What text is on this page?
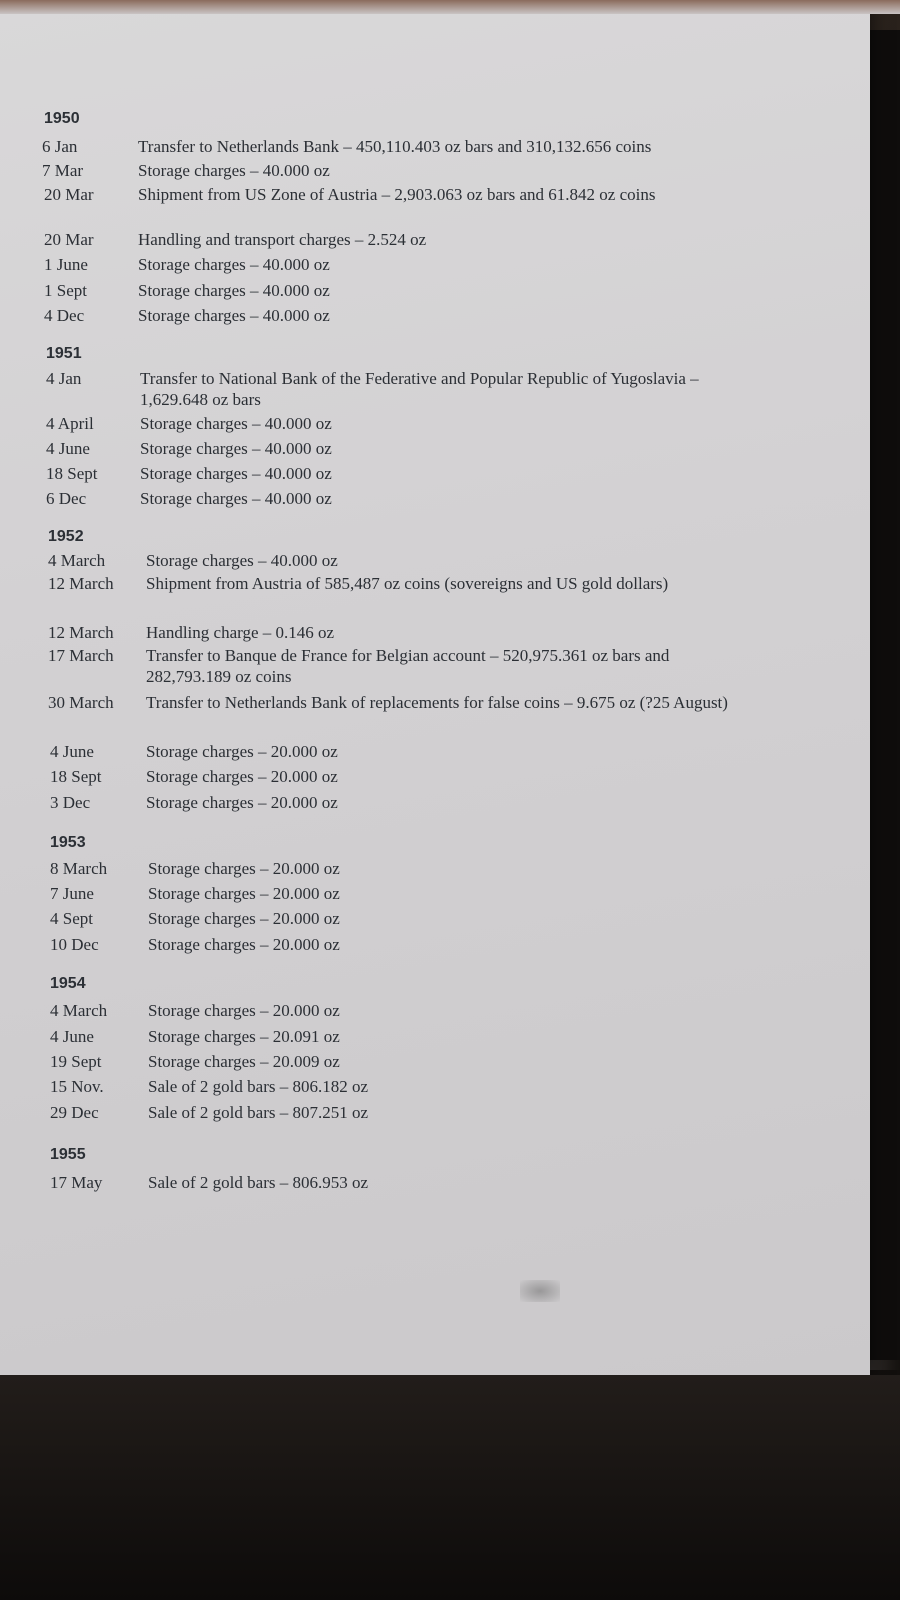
1950
6 Jan	Transfer to Netherlands Bank – 450,110.403 oz bars and 310,132.656 coins
7 Mar	Storage charges – 40.000 oz
20 Mar	Shipment from US Zone of Austria – 2,903.063 oz bars and 61.842 oz coins
20 Mar	Handling and transport charges – 2.524 oz
1 June	Storage charges – 40.000 oz
1 Sept	Storage charges – 40.000 oz
4 Dec	Storage charges – 40.000 oz
1951
4 Jan	Transfer to National Bank of the Federative and Popular Republic of Yugoslavia – 1,629.648 oz bars
4 April	Storage charges – 40.000 oz
4 June	Storage charges – 40.000 oz
18 Sept	Storage charges – 40.000 oz
6 Dec	Storage charges – 40.000 oz
1952
4 March	Storage charges – 40.000 oz
12 March	Shipment from Austria of 585,487 oz coins (sovereigns and US gold dollars)
12 March	Handling charge – 0.146 oz
17 March	Transfer to Banque de France for Belgian account – 520,975.361 oz bars and 282,793.189 oz coins
30 March	Transfer to Netherlands Bank of replacements for false coins – 9.675 oz (?25 August)
4 June	Storage charges – 20.000 oz
18 Sept	Storage charges – 20.000 oz
3 Dec	Storage charges – 20.000 oz
1953
8 March	Storage charges – 20.000 oz
7 June	Storage charges – 20.000 oz
4 Sept	Storage charges – 20.000 oz
10 Dec	Storage charges – 20.000 oz
1954
4 March	Storage charges – 20.000 oz
4 June	Storage charges – 20.091 oz
19 Sept	Storage charges – 20.009 oz
15 Nov.	Sale of 2 gold bars – 806.182 oz
29 Dec	Sale of 2 gold bars – 807.251 oz
1955
17 May	Sale of 2 gold bars – 806.953 oz
